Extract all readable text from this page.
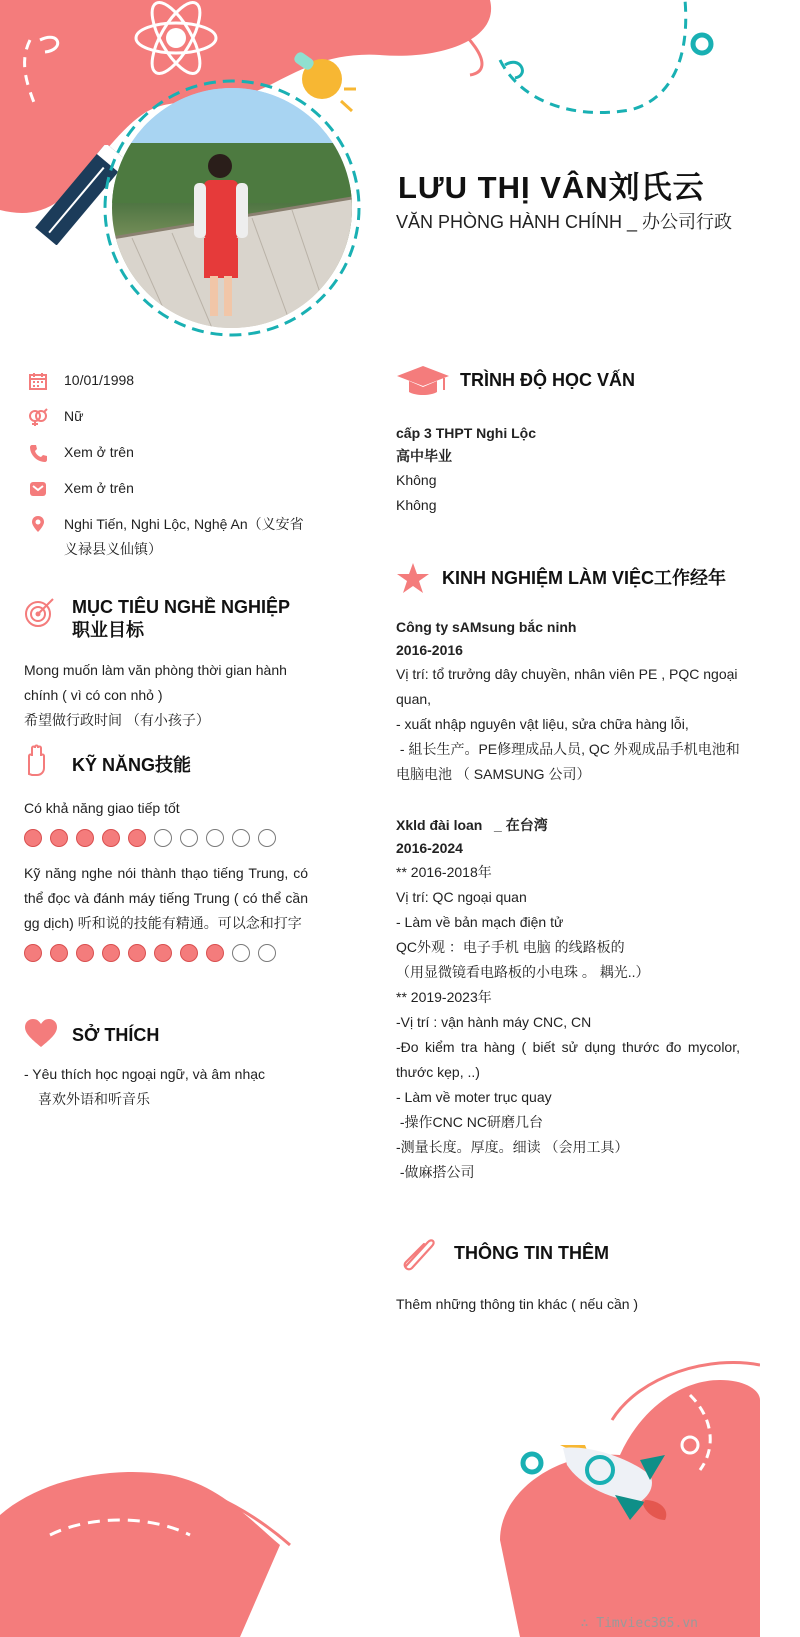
LƯU THỊ VÂN刘氏云
VĂN PHÒNG HÀNH CHÍNH _ 办公司行政
10/01/1998
Nữ
Xem ở trên
Xem ở trên
Nghi Tiến, Nghi Lộc, Nghệ An（义安省义禄县义仙镇）
MỤC TIÊU NGHỀ NGHIỆP 职业目标
Mong muốn làm văn phòng thời gian hành chính ( vì có con nhỏ )
希望做行政时间 （有小孩子）
KỸ NĂNG技能
Có khả năng giao tiếp tốt
Kỹ năng nghe nói thành thạo tiếng Trung, có thể đọc và đánh máy tiếng Trung ( có thể cần gg dịch) 听和说的技能有精通。可以念和打字
SỞ THÍCH
- Yêu thích học ngoại ngữ, và âm nhạc
喜欢外语和听音乐
TRÌNH ĐỘ HỌC VẤN
cấp 3 THPT Nghi Lộc
高中毕业
Không
Không
KINH NGHIỆM LÀM VIỆC工作经年
Công ty sAMsung bắc ninh
2016-2016
Vị trí: tổ trưởng dây chuyền, nhân viên PE , PQC ngoại quan,
- xuất nhập nguyên vật liệu, sửa chữa hàng lỗi,
- 組长生产。PE修理成品人员, QC 外观成品手机电池和电脑电池 （ SAMSUNG 公司）
Xkld đài loan   _ 在台湾
2016-2024
** 2016-2018年
Vị trí: QC ngoại quan
- Làm về bản mạch điện tử
QC外观 ：电子手机 电脑 的线路板的
（用显微镜看电路板的小电珠 。 耦光..）
** 2019-2023年
-Vị trí : vận hành máy CNC, CN
-Đo kiểm tra hàng ( biết sử dụng thước đo mycolor, thước kẹp, ..)
- Làm về moter trục quay
-操作CNC NC研磨几台
-测量长度。厚度。细读 （会用工具）
-做麻搭公司
THÔNG TIN THÊM
Thêm những thông tin khác ( nếu cần )
∴ Timviec365.vn
